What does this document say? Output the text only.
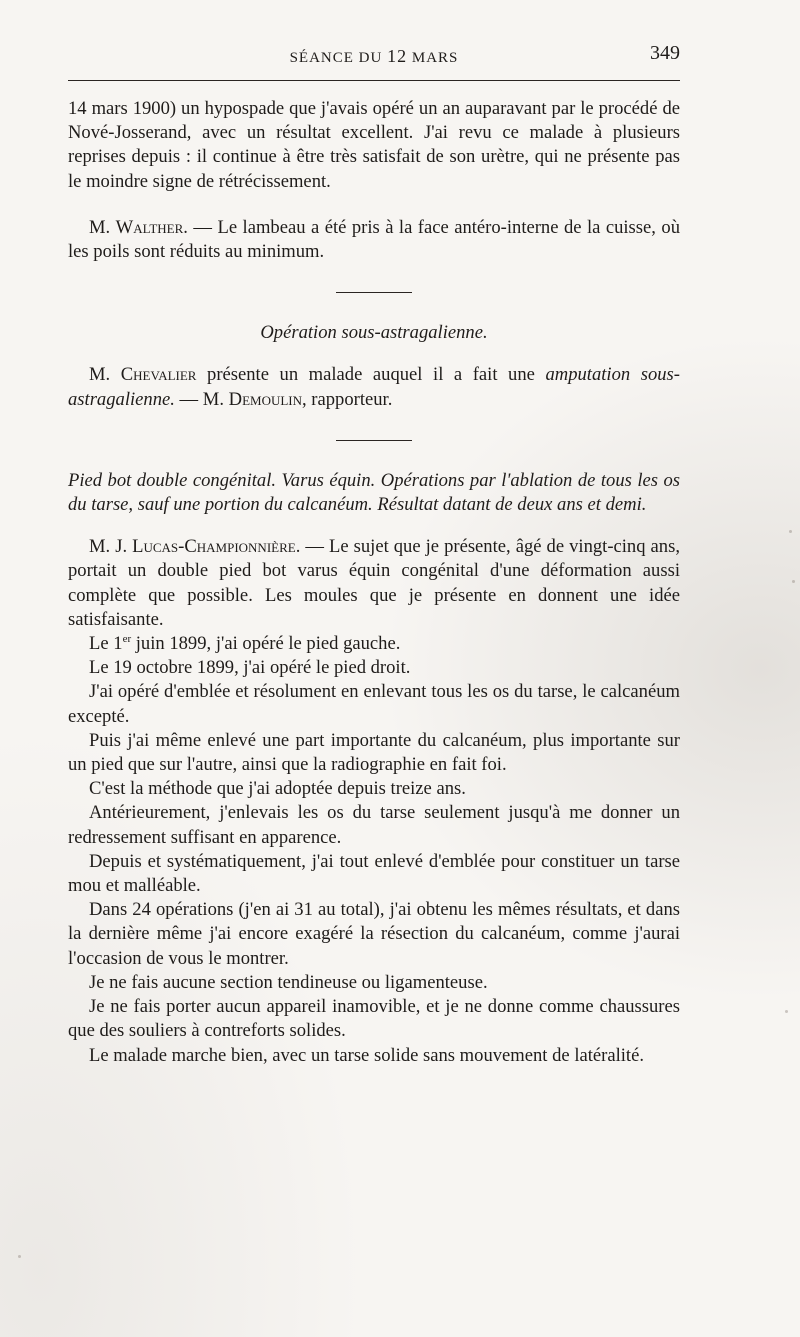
SÉANCE DU 12 MARS	349

14 mars 1900) un hypospade que j'avais opéré un an auparavant par le procédé de Nové-Josserand, avec un résultat excellent. J'ai revu ce malade à plusieurs reprises depuis : il continue à être très satisfait de son urètre, qui ne présente pas le moindre signe de rétrécissement.

M. Walther. — Le lambeau a été pris à la face antéro-interne de la cuisse, où les poils sont réduits au minimum.

Opération sous-astragalienne.

M. Chevalier présente un malade auquel il a fait une amputation sous-astragalienne. — M. Demoulin, rapporteur.

Pied bot double congénital. Varus équin. Opérations par l'ablation de tous les os du tarse, sauf une portion du calcanéum. Résultat datant de deux ans et demi.

M. J. Lucas-Championnière. — Le sujet que je présente, âgé de vingt-cinq ans, portait un double pied bot varus équin congénital d'une déformation aussi complète que possible. Les moules que je présente en donnent une idée satisfaisante.

Le 1er juin 1899, j'ai opéré le pied gauche.

Le 19 octobre 1899, j'ai opéré le pied droit.

J'ai opéré d'emblée et résolument en enlevant tous les os du tarse, le calcanéum excepté.

Puis j'ai même enlevé une part importante du calcanéum, plus importante sur un pied que sur l'autre, ainsi que la radiographie en fait foi.

C'est la méthode que j'ai adoptée depuis treize ans.

Antérieurement, j'enlevais les os du tarse seulement jusqu'à me donner un redressement suffisant en apparence.

Depuis et systématiquement, j'ai tout enlevé d'emblée pour constituer un tarse mou et malléable.

Dans 24 opérations (j'en ai 31 au total), j'ai obtenu les mêmes résultats, et dans la dernière même j'ai encore exagéré la résection du calcanéum, comme j'aurai l'occasion de vous le montrer.

Je ne fais aucune section tendineuse ou ligamenteuse.

Je ne fais porter aucun appareil inamovible, et je ne donne comme chaussures que des souliers à contreforts solides.

Le malade marche bien, avec un tarse solide sans mouvement de latéralité.
